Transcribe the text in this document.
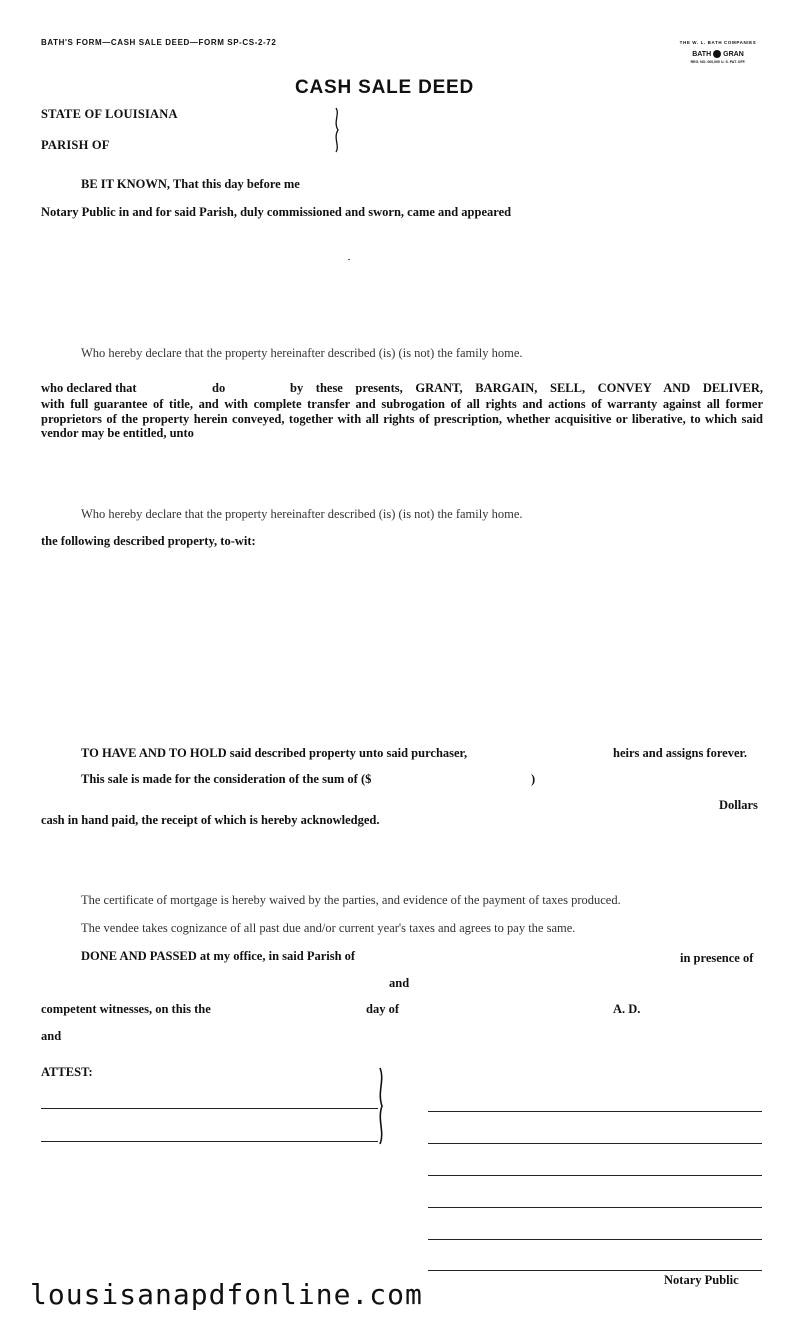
BATH'S FORM—CASH SALE DEED—FORM SP-CS-2-72	THE W. L. BATH COMPANIES
BATH GRAN
REG. NO. 000,000 U. S. PAT. OFF.
CASH SALE DEED
STATE OF LOUISIANA
PARISH OF
BE IT KNOWN, That this day before me
Notary Public in and for said Parish, duly commissioned and sworn, came and appeared
Who hereby declare that the property hereinafter described (is) (is not) the family home.
who declared that	do	by these presents, GRANT, BARGAIN, SELL, CONVEY AND DELIVER,
with full guarantee of title, and with complete transfer and subrogation of all rights and actions of warranty against all former proprietors of the property herein conveyed, together with all rights of prescription, whether acquisitive or liberative, to which said vendor may be entitled, unto
Who hereby declare that the property hereinafter described (is) (is not) the family home.
the following described property, to-wit:
TO HAVE AND TO HOLD said described property unto said purchaser,	heirs and assigns forever.
This sale is made for the consideration of the sum of ($	)
Dollars
cash in hand paid, the receipt of which is hereby acknowledged.
The certificate of mortgage is hereby waived by the parties, and evidence of the payment of taxes produced.
The vendee takes cognizance of all past due and/or current year's taxes and agrees to pay the same.
DONE AND PASSED at my office, in said Parish of	in presence of
and
competent witnesses, on this the	day of	A. D.
and
ATTEST:
Notary Public
lousisanapdfonline.com
